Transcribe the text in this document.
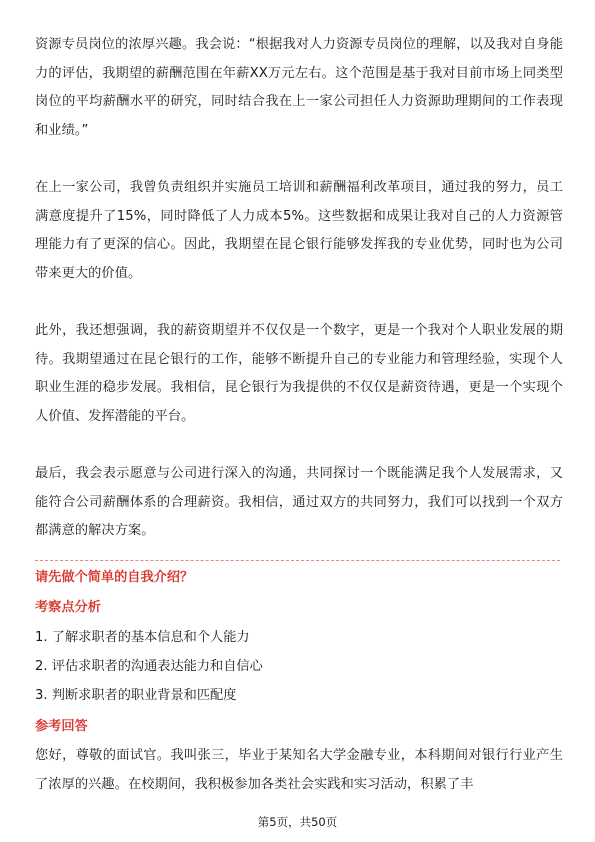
资源专员岗位的浓厚兴趣。我会说：“根据我对人力资源专员岗位的理解，以及我对自身能力的评估，我期望的薪酬范围在年薪XX万元左右。这个范围是基于我对目前市场上同类型岗位的平均薪酬水平的研究，同时结合我在上一家公司担任人力资源助理期间的工作表现和业绩。”

在上一家公司，我曾负责组织并实施员工培训和薪酬福利改革项目，通过我的努力，员工满意度提升了15%，同时降低了人力成本5%。这些数据和成果让我对自己的人力资源管理能力有了更深的信心。因此，我期望在昆仑银行能够发挥我的专业优势，同时也为公司带来更大的价值。

此外，我还想强调，我的薪资期望并不仅仅是一个数字，更是一个我对个人职业发展的期待。我期望通过在昆仑银行的工作，能够不断提升自己的专业能力和管理经验，实现个人职业生涯的稳步发展。我相信，昆仑银行为我提供的不仅仅是薪资待遇，更是一个实现个人价值、发挥潜能的平台。

最后，我会表示愿意与公司进行深入的沟通，共同探讨一个既能满足我个人发展需求，又能符合公司薪酬体系的合理薪资。我相信，通过双方的共同努力，我们可以找到一个双方都满意的解决方案。

请先做个简单的自我介绍？

考察点分析

1. 了解求职者的基本信息和个人能力
2. 评估求职者的沟通表达能力和自信心
3. 判断求职者的职业背景和匹配度

参考回答

您好，尊敬的面试官。我叫张三，毕业于某知名大学金融专业，本科期间对银行行业产生了浓厚的兴趣。在校期间，我积极参加各类社会实践和实习活动，积累了丰

第5页，共50页
